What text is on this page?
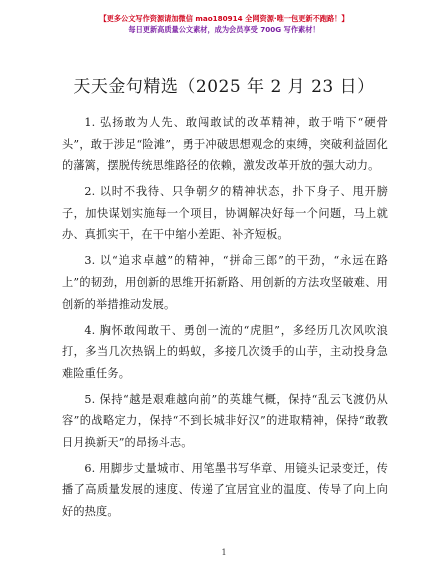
【更多公文写作资源请加微信 mao180914 全网资源·唯一包更新不跑路！】
每日更新高质量公文素材，成为会员享受 700G 写作素材！
天天金句精选（2025 年 2 月 23 日）

1. 弘扬敢为人先、敢闯敢试的改革精神，敢于啃下“硬骨头”，敢于涉足“险滩”，勇于冲破思想观念的束缚，突破利益固化的藩篱，摆脱传统思维路径的依赖，激发改革开放的强大动力。

2. 以时不我待、只争朝夕的精神状态，扑下身子、甩开膀子，加快谋划实施每一个项目，协调解决好每一个问题，马上就办、真抓实干，在干中缩小差距、补齐短板。

3. 以“追求卓越”的精神，“拼命三郎”的干劲，“永远在路上”的韧劲，用创新的思维开拓新路、用创新的方法攻坚破难、用创新的举措推动发展。

4. 胸怀敢闯敢干、勇创一流的“虎胆”，多经历几次风吹浪打，多当几次热锅上的蚂蚁，多接几次烫手的山芋，主动投身急难险重任务。

5. 保持“越是艰难越向前”的英雄气概，保持“乱云飞渡仍从容”的战略定力，保持“不到长城非好汉”的进取精神，保持“敢教日月换新天”的昂扬斗志。

6. 用脚步丈量城市、用笔墨书写华章、用镜头记录变迁，传播了高质量发展的速度、传递了宜居宜业的温度、传导了向上向好的热度。

1
